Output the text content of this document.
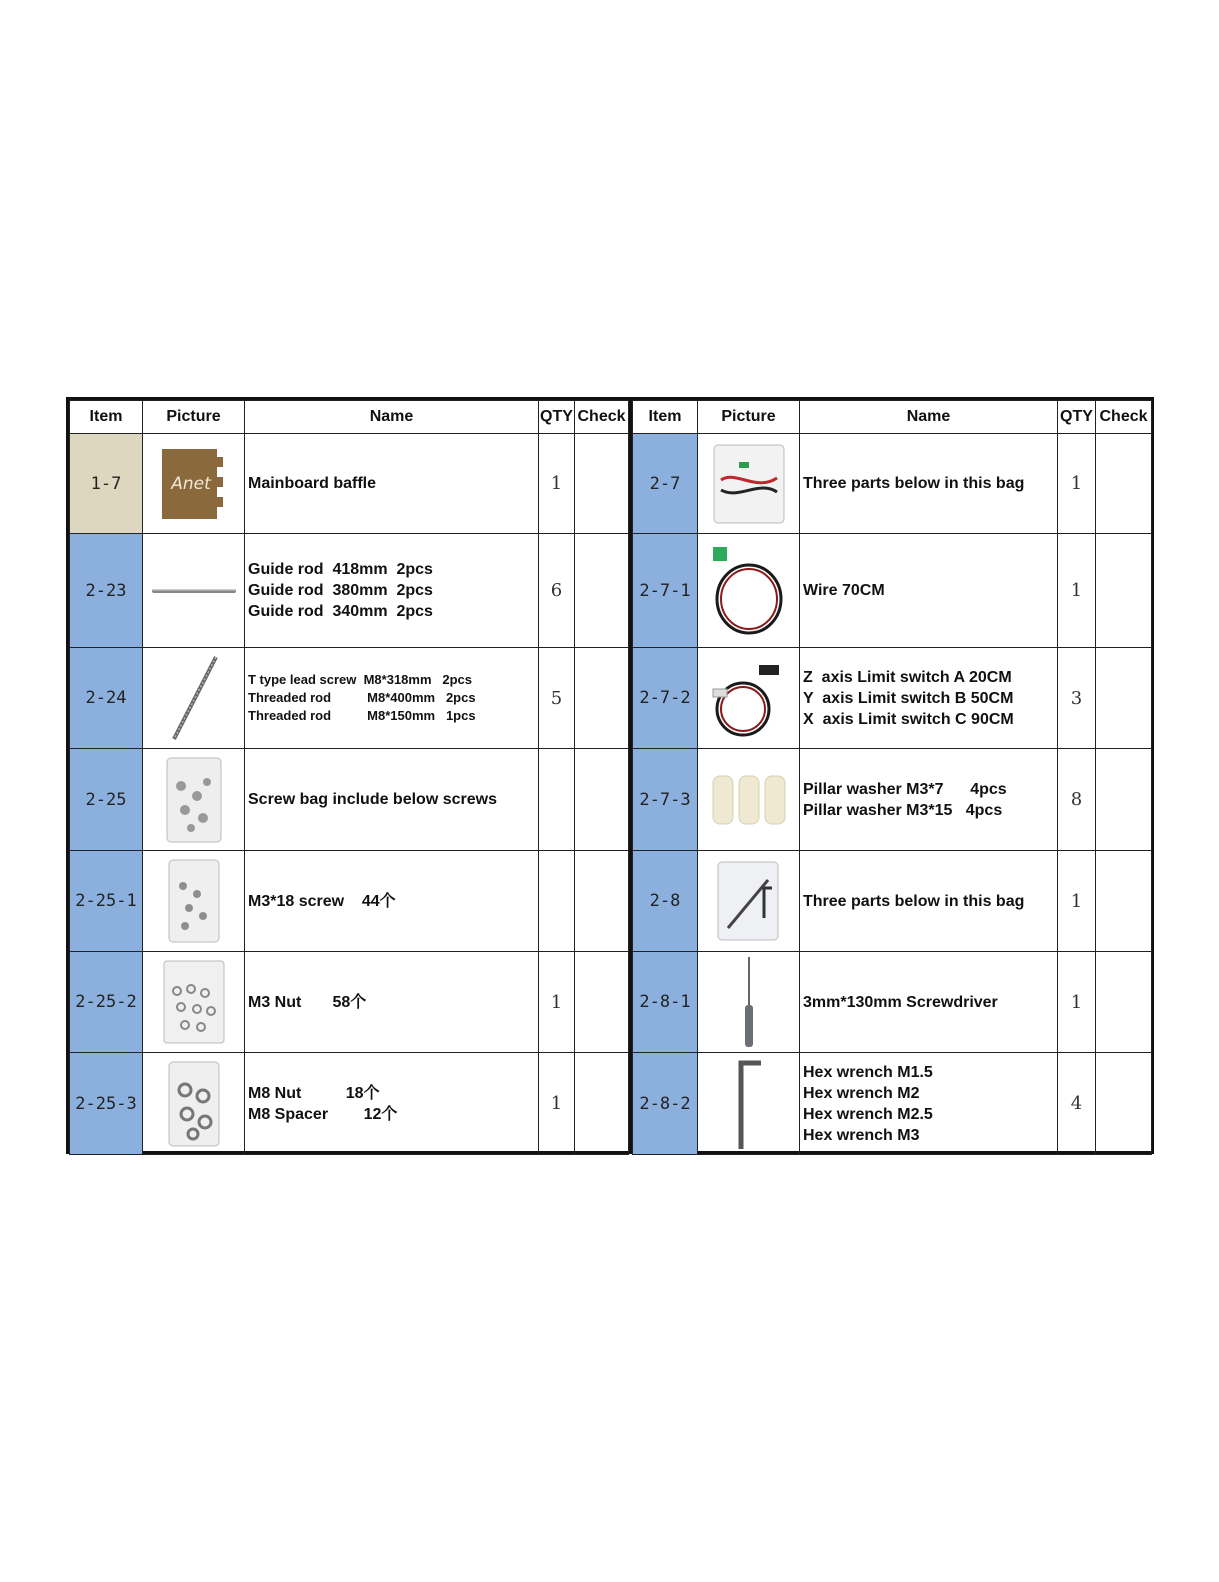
Item	Picture	Name	QTY	Check
1-7	Anet	Mainboard baffle	1	
2-23		Guide rod  418mm  2pcs
Guide rod  380mm  2pcs
Guide rod  340mm  2pcs	6	
2-24		T type lead screw  M8*318mm   2pcs
Threaded rod          M8*400mm   2pcs
Threaded rod          M8*150mm   1pcs	5	
2-25		Screw bag include below screws		
2-25-1		M3*18 screw    44个		
2-25-2		M3 Nut       58个	1	
2-25-3		M8 Nut          18个
M8 Spacer        12个	1	
Item	Picture	Name	QTY	Check
2-7		Three parts below in this bag	1	
2-7-1		Wire 70CM	1	
2-7-2		Z  axis Limit switch A 20CM
Y  axis Limit switch B 50CM
X  axis Limit switch C 90CM	3	
2-7-3		Pillar washer M3*7      4pcs
Pillar washer M3*15   4pcs	8	
2-8		Three parts below in this bag	1	
2-8-1		3mm*130mm Screwdriver	1	
2-8-2		Hex wrench M1.5
Hex wrench M2
Hex wrench M2.5
Hex wrench M3	4	
